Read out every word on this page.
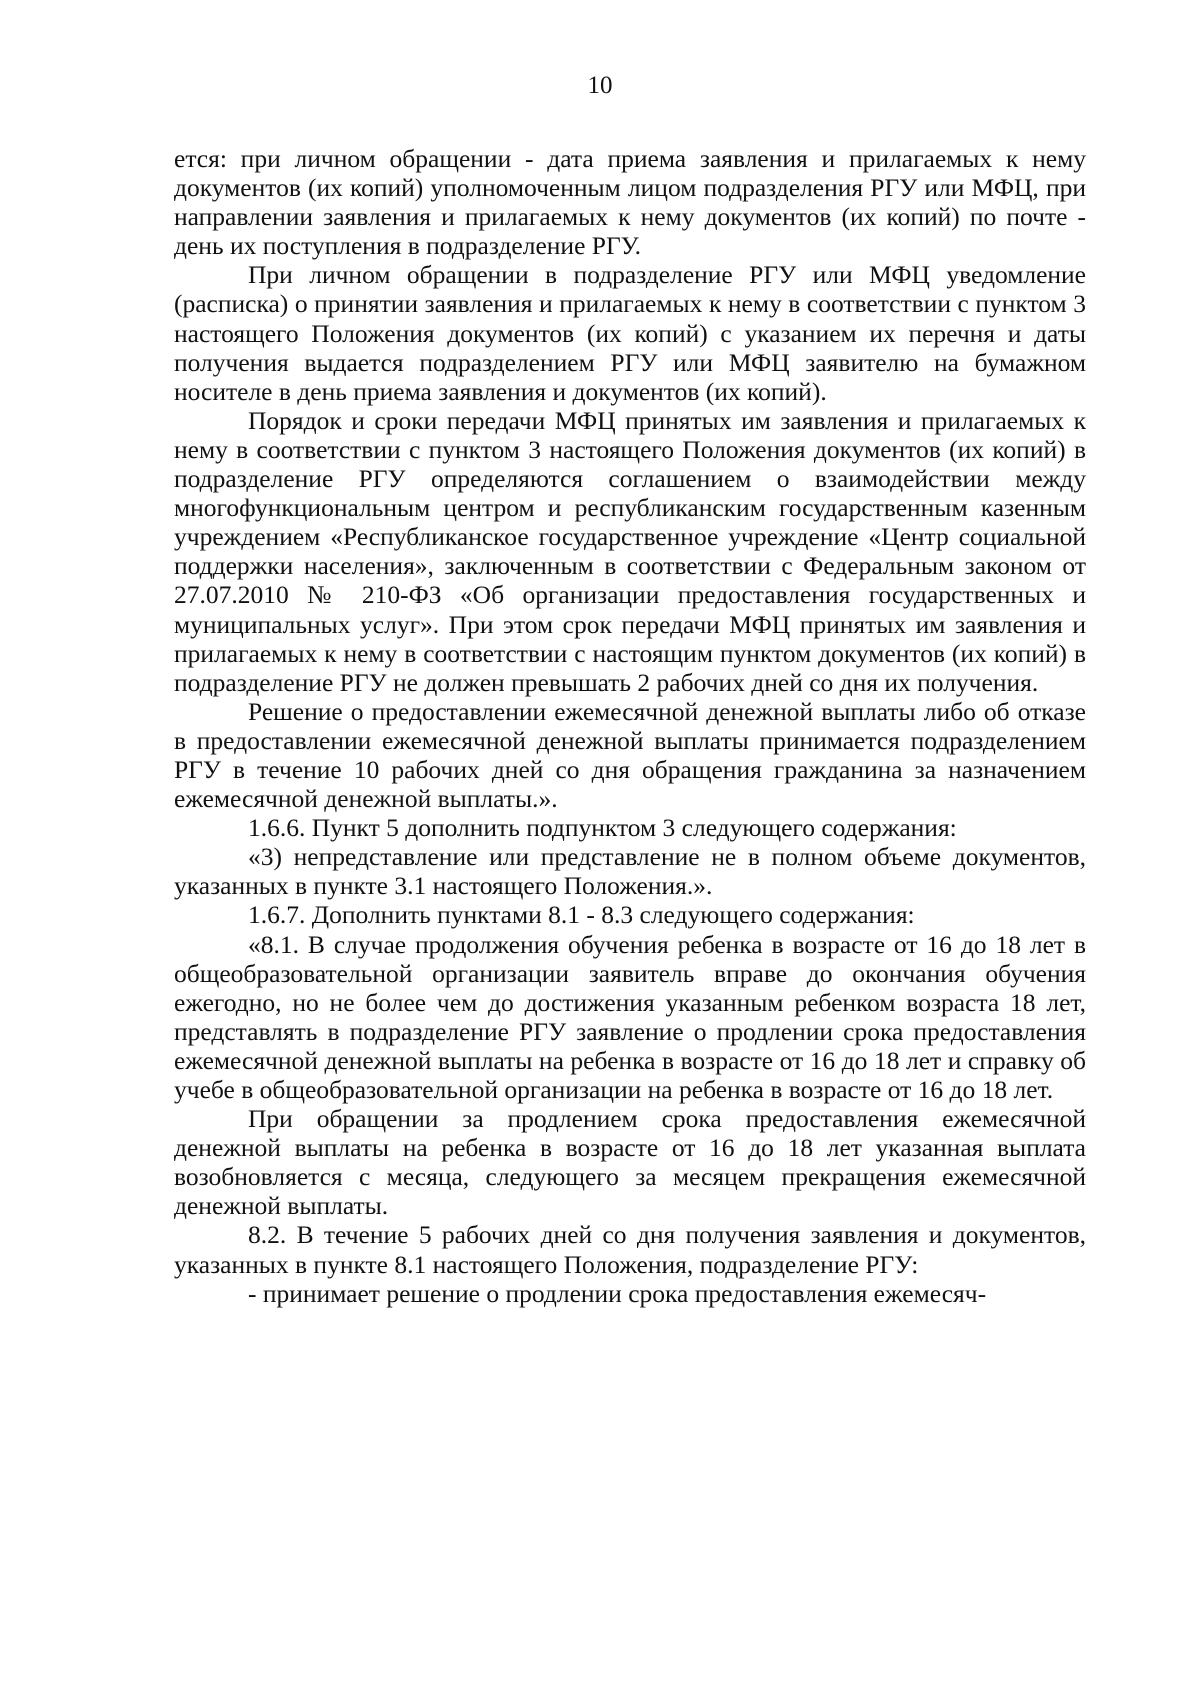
10

ется: при личном обращении - дата приема заявления и прилагаемых к нему документов (их копий) уполномоченным лицом подразделения РГУ или МФЦ, при направлении заявления и прилагаемых к нему документов (их копий) по почте - день их поступления в подразделение РГУ.

При личном обращении в подразделение РГУ или МФЦ уведомление (расписка) о принятии заявления и прилагаемых к нему в соответствии с пунктом 3 настоящего Положения документов (их копий) с указанием их перечня и даты получения выдается подразделением РГУ или МФЦ заявителю на бумажном носителе в день приема заявления и документов (их копий).

Порядок и сроки передачи МФЦ принятых им заявления и прилагаемых к нему в соответствии с пунктом 3 настоящего Положения документов (их копий) в подразделение РГУ определяются соглашением о взаимодействии между многофункциональным центром и республиканским государственным казенным учреждением «Республиканское государственное учреждение «Центр социальной поддержки населения», заключенным в соответствии с Федеральным законом от 27.07.2010 № 210-ФЗ «Об организации предоставления государственных и муниципальных услуг». При этом срок передачи МФЦ принятых им заявления и прилагаемых к нему в соответствии с настоящим пунктом документов (их копий) в подразделение РГУ не должен превышать 2 рабочих дней со дня их получения.

Решение о предоставлении ежемесячной денежной выплаты либо об отказе в предоставлении ежемесячной денежной выплаты принимается подразделением РГУ в течение 10 рабочих дней со дня обращения гражданина за назначением ежемесячной денежной выплаты.».

1.6.6. Пункт 5 дополнить подпунктом 3 следующего содержания:

«3) непредставление или представление не в полном объеме документов, указанных в пункте 3.1 настоящего Положения.».

1.6.7. Дополнить пунктами 8.1 - 8.3 следующего содержания:

«8.1. В случае продолжения обучения ребенка в возрасте от 16 до 18 лет в общеобразовательной организации заявитель вправе до окончания обучения ежегодно, но не более чем до достижения указанным ребенком возраста 18 лет, представлять в подразделение РГУ заявление о продлении срока предоставления ежемесячной денежной выплаты на ребенка в возрасте от 16 до 18 лет и справку об учебе в общеобразовательной организации на ребенка в возрасте от 16 до 18 лет.

При обращении за продлением срока предоставления ежемесячной денежной выплаты на ребенка в возрасте от 16 до 18 лет указанная выплата возобновляется с месяца, следующего за месяцем прекращения ежемесячной денежной выплаты.

8.2. В течение 5 рабочих дней со дня получения заявления и документов, указанных в пункте 8.1 настоящего Положения, подразделение РГУ:

- принимает решение о продлении срока предоставления ежемесяч-
